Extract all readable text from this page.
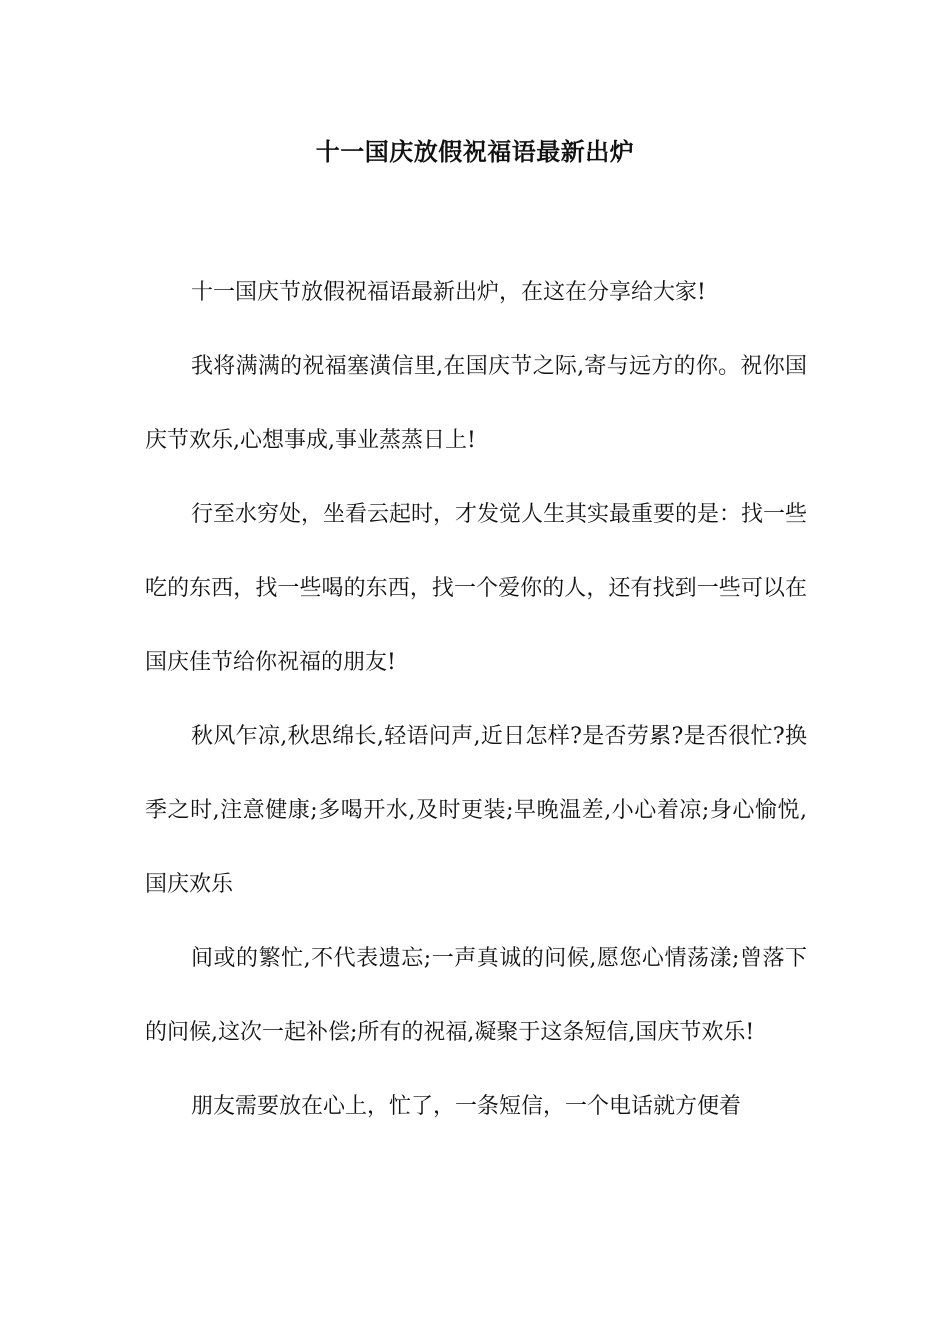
十一国庆放假祝福语最新出炉

十一国庆节放假祝福语最新出炉，在这在分享给大家!

我将满满的祝福塞潢信里,在国庆节之际,寄与远方的你。祝你国庆节欢乐,心想事成,事业蒸蒸日上!

行至水穷处，坐看云起时，才发觉人生其实最重要的是：找一些吃的东西，找一些喝的东西，找一个爱你的人，还有找到一些可以在国庆佳节给你祝福的朋友!

秋风乍凉,秋思绵长,轻语问声,近日怎样?是否劳累?是否很忙?换季之时,注意健康;多喝开水,及时更装;早晚温差,小心着凉;身心愉悦,国庆欢乐

间或的繁忙,不代表遗忘;一声真诚的问候,愿您心情荡漾;曾落下的问候,这次一起补偿;所有的祝福,凝聚于这条短信,国庆节欢乐!

朋友需要放在心上，忙了，一条短信，一个电话就方便着
